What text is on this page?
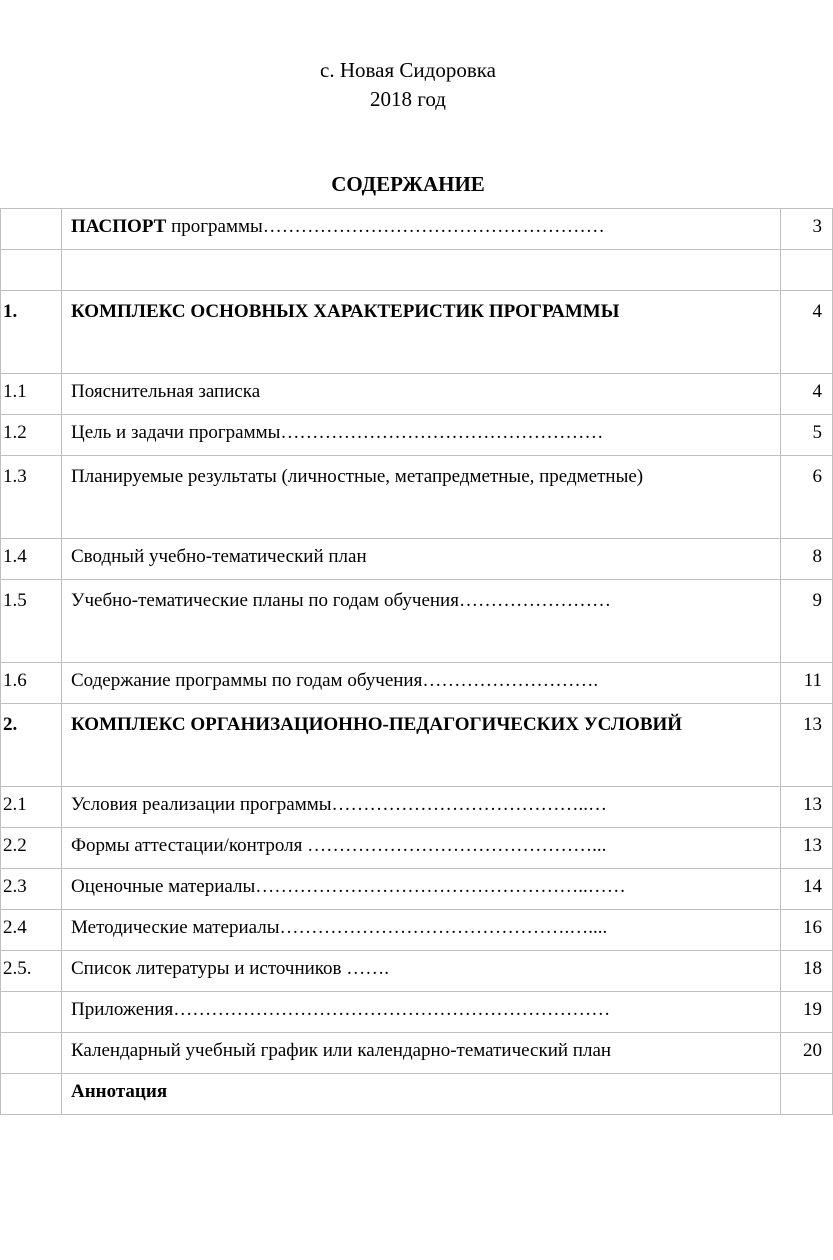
с. Новая Сидоровка
2018 год
СОДЕРЖАНИЕ
	ПАСПОРТ программы………………………………………………	3

1.	КОМПЛЕКС ОСНОВНЫХ ХАРАКТЕРИСТИК ПРОГРАММЫ	4
1.1	Пояснительная записка	4
1.2	Цель и задачи программы……………………………………………	5
1.3	Планируемые результаты (личностные, метапредметные, предметные)	6
1.4	Сводный учебно-тематический план	8
1.5	Учебно-тематические планы по годам обучения……………………	9
1.6	Содержание программы по годам обучения……………………….	11
2.	КОМПЛЕКС ОРГАНИЗАЦИОННО-ПЕДАГОГИЧЕСКИХ УСЛОВИЙ	13
2.1	Условия реализации программы…………………………………..…	13
2.2	Формы аттестации/контроля ………………………………………...	13
2.3	Оценочные материалы……………………………………………..……	14
2.4	Методические материалы……………………………………….…....	16
2.5.	Список литературы и источников …….	18
	Приложения……………………………………………………………	19
	Календарный учебный график или календарно-тематический план	20
	Аннотация	
